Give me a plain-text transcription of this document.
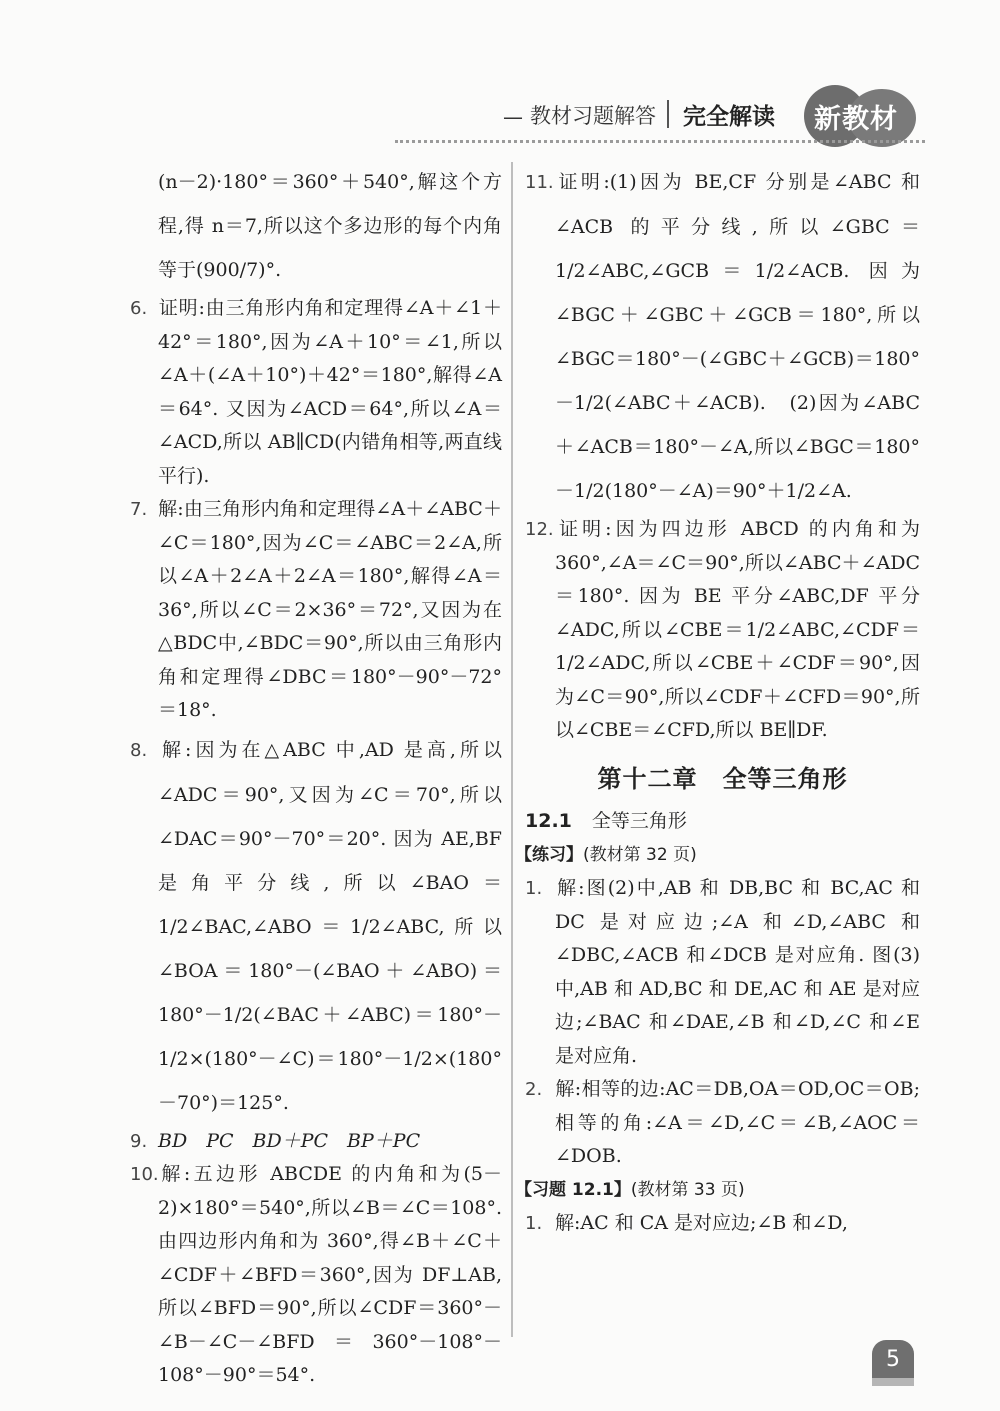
— 教材习题解答 完全解读 新教材

(n－2)·180°＝360°＋540°,解这个方程,得 n＝7,所以这个多边形的每个内角等于(900/7)°.

6. 证明:由三角形内角和定理得∠A＋∠1＋42°＝180°,因为∠A＋10°＝∠1,所以∠A＋(∠A＋10°)＋42°＝180°,解得∠A＝64°. 又因为∠ACD＝64°,所以∠A＝∠ACD,所以 AB∥CD(内错角相等,两直线平行).

7. 解:由三角形内角和定理得∠A＋∠ABC＋∠C＝180°,因为∠C＝∠ABC＝2∠A,所以∠A＋2∠A＋2∠A＝180°,解得∠A＝36°,所以∠C＝2×36°＝72°,又因为在△BDC中,∠BDC＝90°,所以由三角形内角和定理得∠DBC＝180°－90°－72°＝18°.

8. 解:因为在△ABC 中,AD 是高,所以∠ADC＝90°,又因为∠C＝70°,所以∠DAC＝90°－70°＝20°. 因为 AE,BF 是角平分线,所以∠BAO＝1/2∠BAC,∠ABO＝1/2∠ABC,所以∠BOA＝180°－(∠BAO＋∠ABO)＝180°－1/2(∠BAC＋∠ABC)＝180°－1/2×(180°－∠C)＝180°－1/2×(180°－70°)＝125°.

9. BD　PC　BD＋PC　BP＋PC

10.解:五边形 ABCDE 的内角和为(5－2)×180°＝540°,所以∠B＝∠C＝108°. 由四边形内角和为 360°,得∠B＋∠C＋∠CDF＋∠BFD＝360°,因为 DF⊥AB,所以∠BFD＝90°,所以∠CDF＝360°－∠B－∠C－∠BFD＝360°－108°－108°－90°＝54°.

11.证明:(1)因为 BE,CF 分别是∠ABC 和∠ACB 的平分线,所以∠GBC＝1/2∠ABC,∠GCB＝1/2∠ACB. 因为∠BGC＋∠GBC＋∠GCB＝180°,所以∠BGC＝180°－(∠GBC＋∠GCB)＝180°－1/2(∠ABC＋∠ACB).　(2)因为∠ABC＋∠ACB＝180°－∠A,所以∠BGC＝180°－1/2(180°－∠A)＝90°＋1/2∠A.

12.证明:因为四边形 ABCD 的内角和为 360°,∠A＝∠C＝90°,所以∠ABC＋∠ADC＝180°. 因为 BE 平分∠ABC,DF 平分∠ADC,所以∠CBE＝1/2∠ABC,∠CDF＝1/2∠ADC,所以∠CBE＋∠CDF＝90°,因为∠C＝90°,所以∠CDF＋∠CFD＝90°,所以∠CBE＝∠CFD,所以 BE∥DF.

第十二章　全等三角形

12.1 全等三角形

【练习】(教材第 32 页)

1. 解:图(2)中,AB 和 DB,BC 和 BC,AC 和 DC 是对应边;∠A 和∠D,∠ABC 和∠DBC,∠ACB 和∠DCB 是对应角. 图(3)中,AB 和 AD,BC 和 DE,AC 和 AE 是对应边;∠BAC 和∠DAE,∠B 和∠D,∠C 和∠E 是对应角.

2. 解:相等的边:AC＝DB,OA＝OD,OC＝OB;相等的角:∠A＝∠D,∠C＝∠B,∠AOC＝∠DOB.

【习题 12.1】(教材第 33 页)

1. 解:AC 和 CA 是对应边;∠B 和∠D,

5
